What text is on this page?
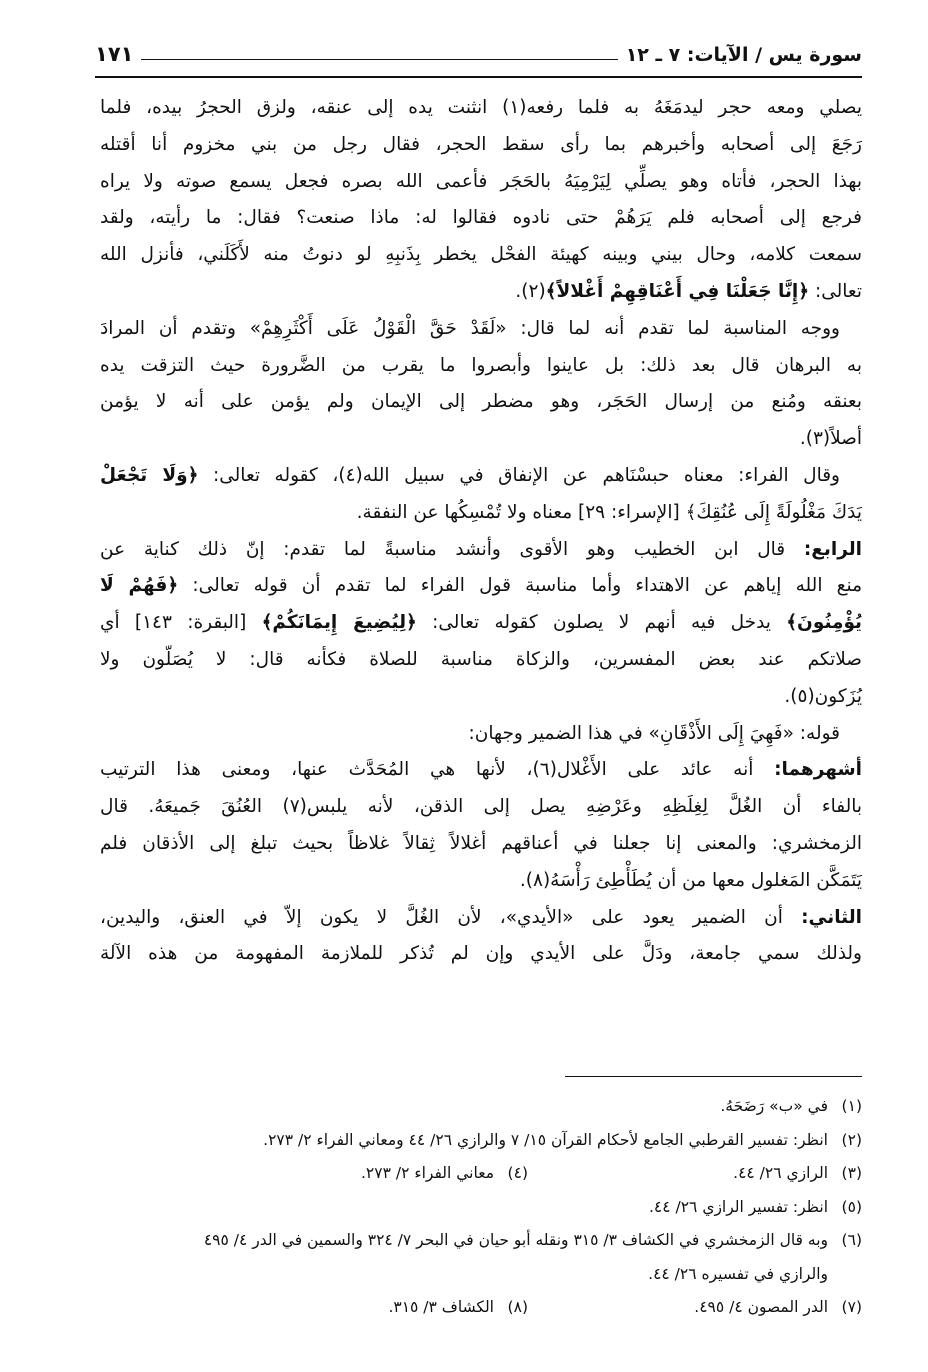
سورة يس / الآيات: ٧ ـ ١٢
١٧١
يصلي ومعه حجر ليدمَغَهُ به فلما رفعه(١) انثنت يده إلى عنقه، ولزق الحجرُ بيده، فلما
رَجَعَ إلى أصحابه وأخبرهم بما رأى سقط الحجر، فقال رجل من بني مخزوم أنا أقتله
بهذا الحجر، فأتاه وهو يصلِّي لِيَرْمِيَهُ بالحَجَر فأعمى الله بصره فجعل يسمع صوته ولا يراه
فرجع إلى أصحابه فلم يَرَهُمْ حتى نادوه فقالوا له: ماذا صنعت؟ فقال: ما رأيته، ولقد
سمعت كلامه، وحال بيني وبينه كهيئة الفحْل يخطر بِذَنبِهِ لو دنوتُ منه لأَكَلَني، فأنزل الله
تعالى: ﴿إِنَّا جَعَلْنَا فِي أَعْنَاقِهِمْ أَغْلالاً﴾(٢).
ووجه المناسبة لما تقدم أنه لما قال: «لَقَدْ حَقَّ الْقَوْلُ عَلَى أَكْثَرِهِمْ» وتقدم أن المرادَ
به البرهان قال بعد ذلك: بل عاينوا وأبصروا ما يقرب من الضَّرورة حيث التزقت يده
بعنقه ومُنع من إرسال الحَجَر، وهو مضطر إلى الإيمان ولم يؤمن على أنه لا يؤمن
أصلاً(٣).
وقال الفراء: معناه حبسْنَاهم عن الإنفاق في سبيل الله(٤)، كقوله تعالى: ﴿وَلَا تَجْعَلْ
يَدَكَ مَغْلُولَةً إِلَى عُنُقِكَ﴾ [الإسراء: ٢٩] معناه ولا تُمْسِكُها عن النفقة.
الرابع: قال ابن الخطيب وهو الأقوى وأنشد مناسبةً لما تقدم: إنّ ذلك كناية عن
منع الله إياهم عن الاهتداء وأما مناسبة قول الفراء لما تقدم أن قوله تعالى: ﴿فَهُمْ لَا
يُؤْمِنُونَ﴾ يدخل فيه أنهم لا يصلون كقوله تعالى: ﴿لِيُضِيعَ إِيمَانَكُمْ﴾ [البقرة: ١٤٣] أي
صلاتكم عند بعض المفسرين، والزكاة مناسبة للصلاة فكأنه قال: لا يُصَلّون ولا
يُزَكون(٥).
قوله: «فَهِيَ إِلَى الأَذْقَانِ» في هذا الضمير وجهان:
أشهرهما: أنه عائد على الأَغْلال(٦)، لأنها هي المُحَدَّث عنها، ومعنى هذا الترتيب
بالفاء أن الغُلَّ لِغِلَظِهِ وعَرْضِهِ يصل إلى الذقن، لأنه يلبس(٧) العُنُقَ جَميعَهُ. قال
الزمخشري: والمعنى إنا جعلنا في أعناقهم أغلالاً ثِقالاً غلاظاً بحيث تبلغ إلى الأذقان فلم
يَتَمَكَّن المَغلول معها من أن يُطَأْطِئ رَأْسَهُ(٨).
الثاني: أن الضمير يعود على «الأيدي»، لأن الغُلَّ لا يكون إلاّ في العنق، واليدين،
ولذلك سمي جامعة، ودَلَّ على الأيدي وإن لم تُذكر للملازمة المفهومة من هذه الآلة
(١)
في «ب» رَضَحَهُ.
(٢)
انظر: تفسير القرطبي الجامع لأحكام القرآن ١٥/ ٧ والرازي ٢٦/ ٤٤ ومعاني الفراء ٢/ ٢٧٣.
(٣)
الرازي ٢٦/ ٤٤.
(٤)
معاني الفراء ٢/ ٢٧٣.
(٥)
انظر: تفسير الرازي ٢٦/ ٤٤.
(٦)
وبه قال الزمخشري في الكشاف ٣/ ٣١٥ ونقله أبو حيان في البحر ٧/ ٣٢٤ والسمين في الدر ٤/ ٤٩٥
والرازي في تفسيره ٢٦/ ٤٤.
(٧)
الدر المصون ٤/ ٤٩٥.
(٨)
الكشاف ٣/ ٣١٥.
